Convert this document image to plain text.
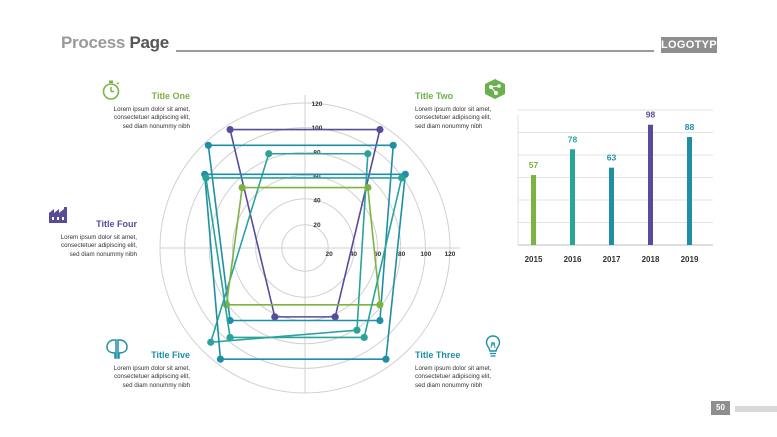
Process Page	LOGOTYPE
Title One
Lorem ipsum dolor sit amet,
consectetuer adipiscing elit,
sed diam nonummy nibh
Title Two
Lorem ipsum dolor sit amet,
consectetuer adipiscing elit,
sed diam nonummy nibh
Title Four
Lorem ipsum dolor sit amet,
consectetuer adipiscing elit,
sed diam nonummy nibh
Title Five
Lorem ipsum dolor sit amet,
consectetuer adipiscing elit,
sed diam nonummy nibh
Title Three
Lorem ipsum dolor sit amet,
consectetuer adipiscing elit,
sed diam nonummy nibh
20
40
60
80
100
120
20	40	60	80 100 120
57
2015
78
2016
63
2017
98
2018
88
2019
50
